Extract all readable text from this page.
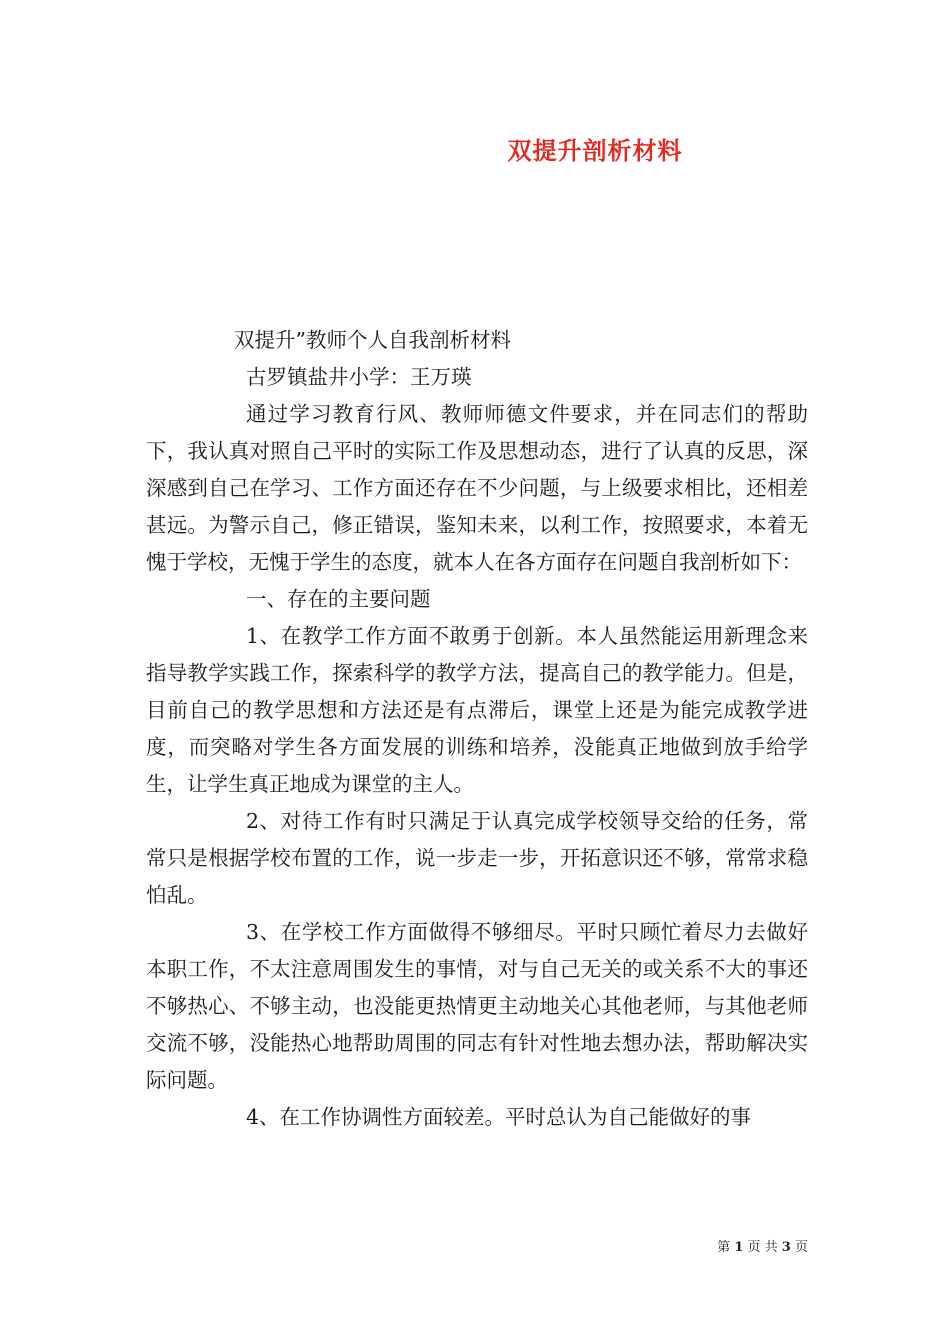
双提升剖析材料

双提升”教师个人自我剖析材料

古罗镇盐井小学：王万瑛

通过学习教育行风、教师师德文件要求，并在同志们的帮助下，我认真对照自己平时的实际工作及思想动态，进行了认真的反思，深深感到自己在学习、工作方面还存在不少问题，与上级要求相比，还相差甚远。为警示自己，修正错误，鉴知未来，以利工作，按照要求，本着无愧于学校，无愧于学生的态度，就本人在各方面存在问题自我剖析如下：

一、存在的主要问题

1、在教学工作方面不敢勇于创新。本人虽然能运用新理念来指导教学实践工作，探索科学的教学方法，提高自己的教学能力。但是，目前自己的教学思想和方法还是有点滞后，课堂上还是为能完成教学进度，而突略对学生各方面发展的训练和培养，没能真正地做到放手给学生，让学生真正地成为课堂的主人。

2、对待工作有时只满足于认真完成学校领导交给的任务，常常只是根据学校布置的工作，说一步走一步，开拓意识还不够，常常求稳怕乱。

3、在学校工作方面做得不够细尽。平时只顾忙着尽力去做好本职工作，不太注意周围发生的事情，对与自己无关的或关系不大的事还不够热心、不够主动，也没能更热情更主动地关心其他老师，与其他老师交流不够，没能热心地帮助周围的同志有针对性地去想办法，帮助解决实际问题。

4、在工作协调性方面较差。平时总认为自己能做好的事

第 1 页 共 3 页
